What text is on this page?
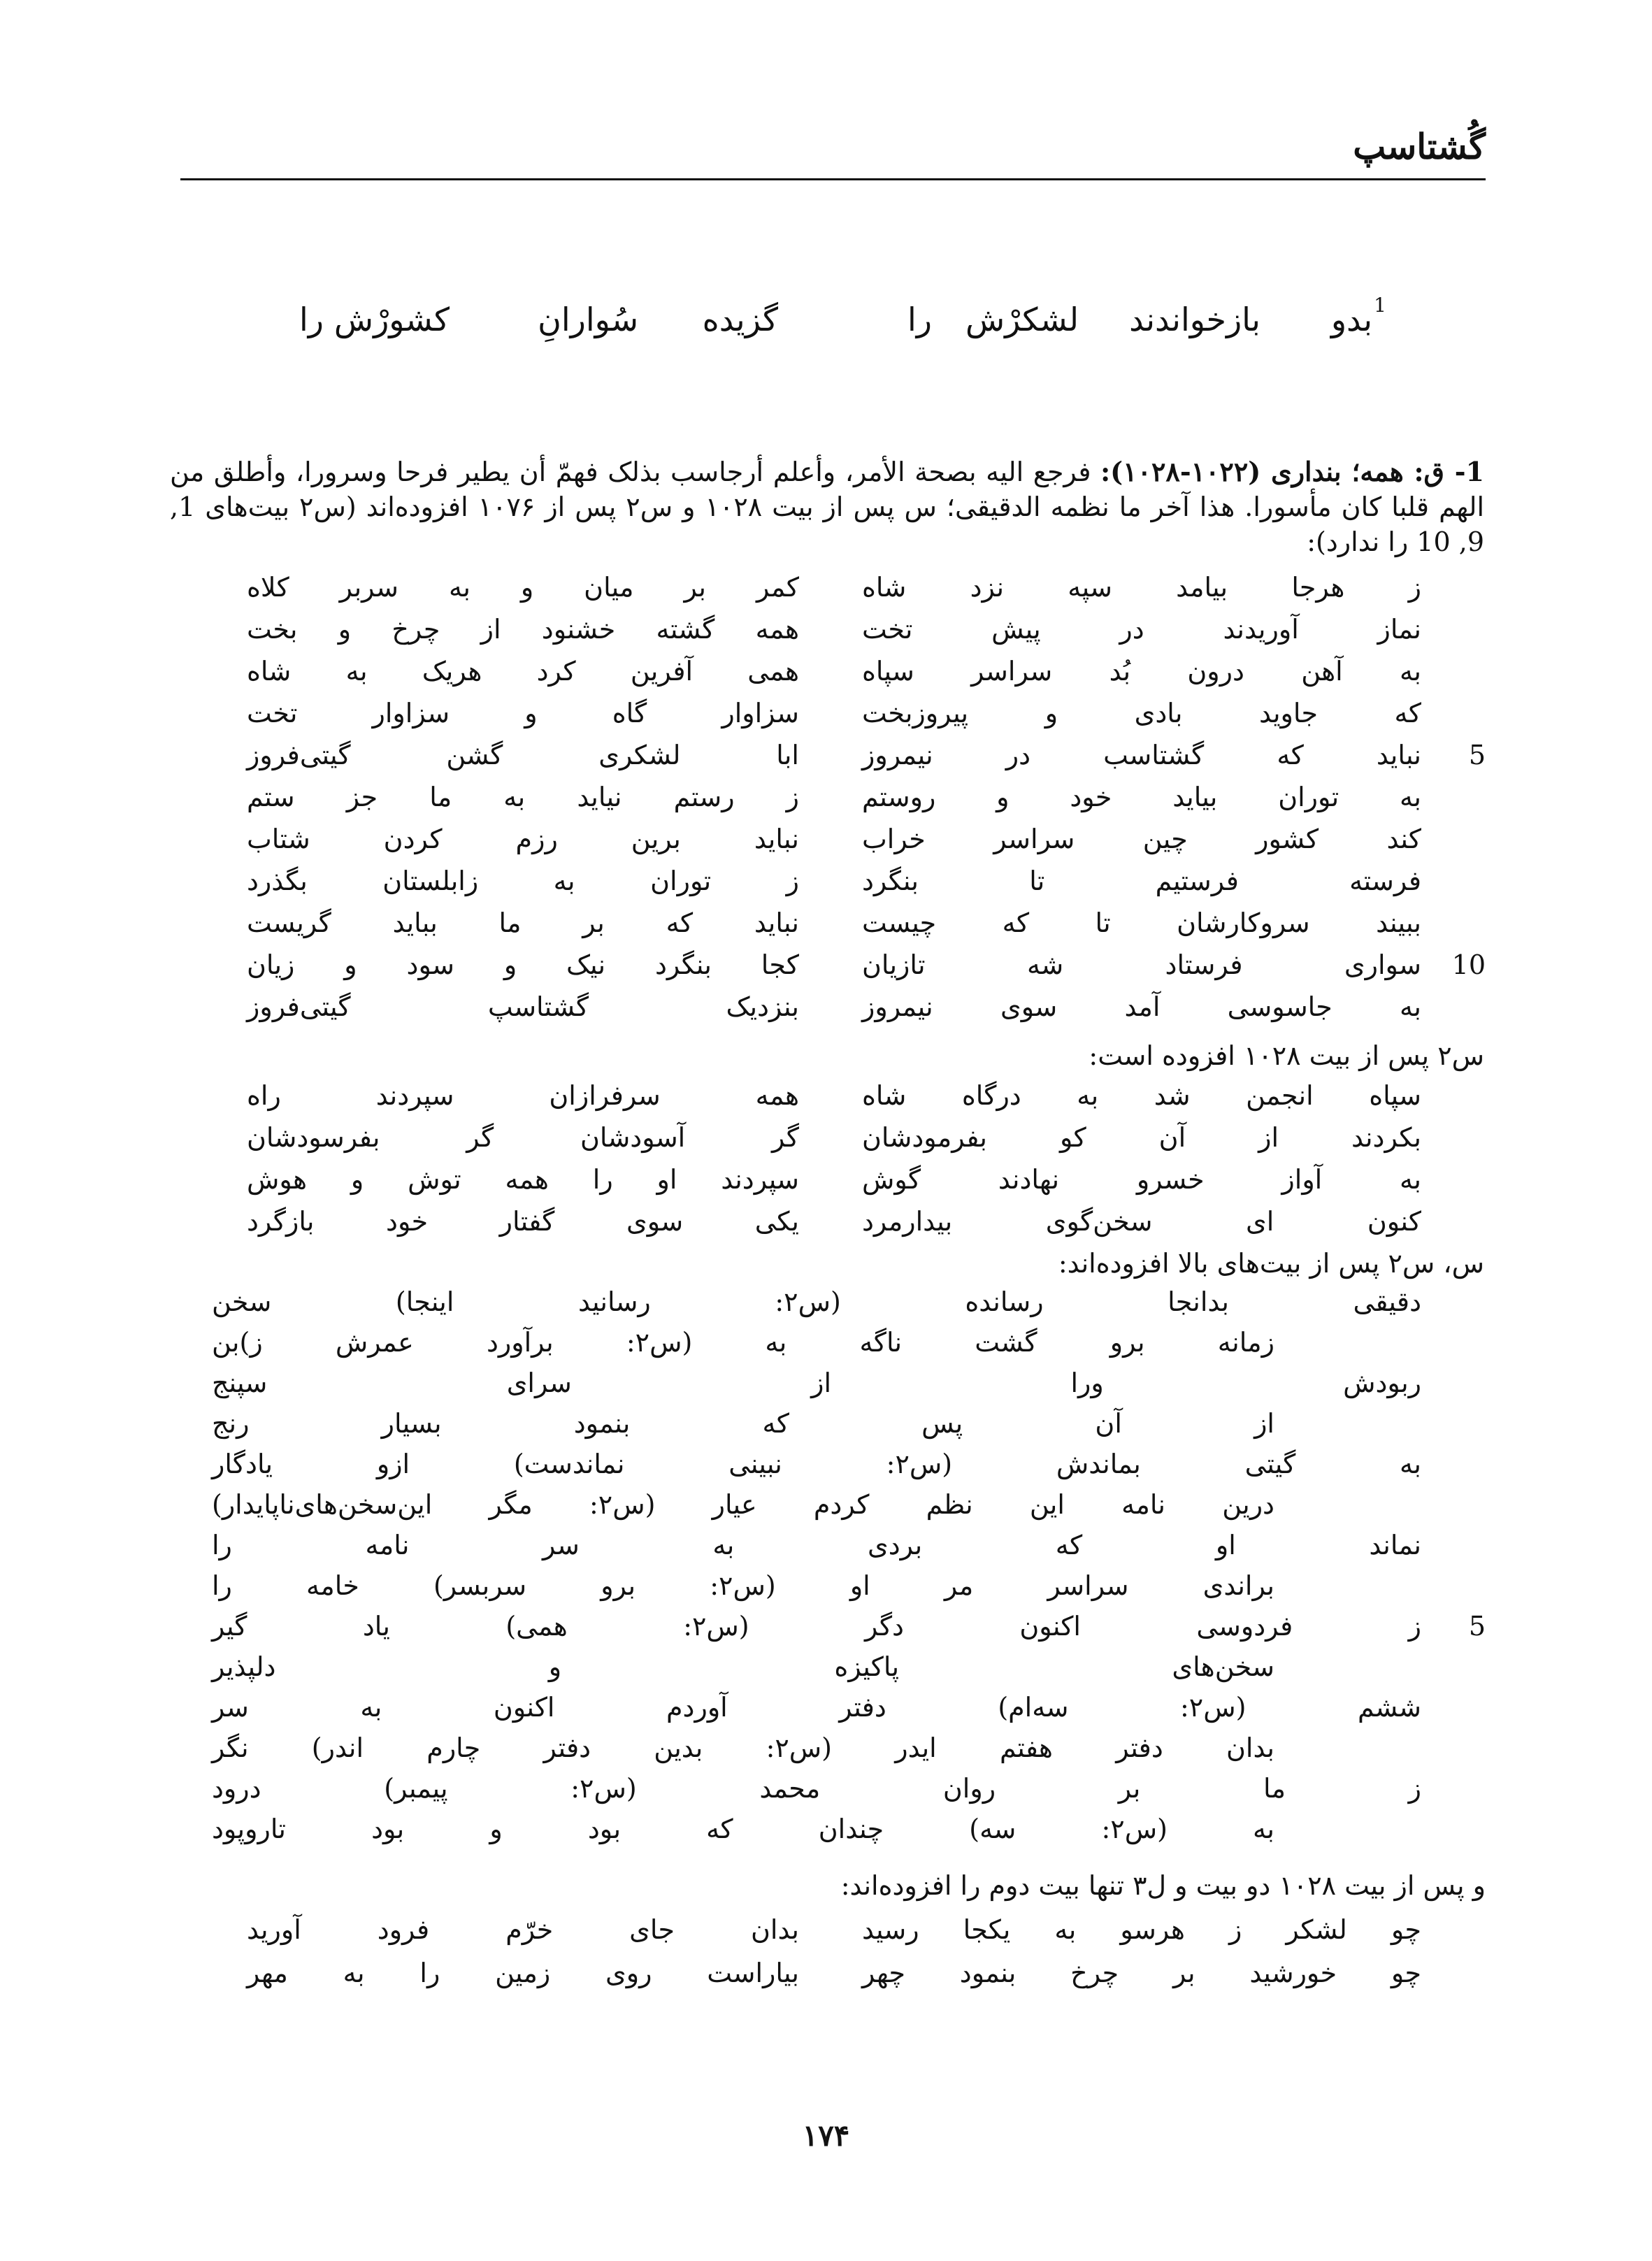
گُشتاسپ
بدو 1
بازخواندند
لشکرْش
را
گزیده
سُوارانِ
کشورْش
را
1- ق: همه؛ بنداری (۱۰۲۲-۱۰۲۸): فرجع الیه بصحة الأمر، وأعلم أرجاسب بذلک فهمّ أن یطیر فرحا وسرورا، وأطلق من الهم قلبا کان مأسورا. هذا آخر ما نظمه الدقیقی؛ س پس از بیت ۱۰۲۸ و س۲ پس از ۱۰۷۶ افزوده‌اند (س۲ بیت‌های 1, 9, 10 را ندارد):
ز هرجا بیامد سپه نزد شاه
کمر بر میان و به سربر کلاه
نماز آوریدند در پیش تخت
همه گشته خشنود از چرخ و بخت
به آهن درون بُد سراسر سپاه
همی آفرین کرد هریک به شاه
که جاوید بادی و پیروزبخت
سزاوار گاه و سزاوار تخت
5
نباید که گشتاسب در نیمروز
ابا لشکری گشن گیتی‌فروز
به توران بیاید خود و روستم
ز رستم نیاید به ما جز ستم
کند کشور چین سراسر خراب
نباید برین رزم کردن شتاب
فرسته فرستیم تا بنگرد
ز توران به زابلستان بگذرد
ببیند سروکارشان تا که چیست
نباید که بر ما بباید گریست
10
سواری فرستاد شه تازیان
کجا بنگرد نیک و سود و زیان
به جاسوسی آمد سوی نیمروز
بنزدیک گشتاسپ گیتی‌فروز
س۲ پس از بیت ۱۰۲۸ افزوده است:
سپاه انجمن شد به درگاه شاه
همه سرفرازان سپردند راه
بکردند از آن کو بفرمودشان
گر آسودشان گر بفرسودشان
به آواز خسرو نهادند گوش
سپردند او را همه توش و هوش
کنون ای سخن‌گوی بیدارمرد
یکی سوی گفتار خود بازگرد
س، س۲ پس از بیت‌های بالا افزوده‌اند:
دقیقی بدانجا رسانده (س۲: رسانید اینجا) سخن
زمانه برو گشت ناگه به (س۲: برآورد عمرش ز)بن
ربودش ورا از سرای سپنج
از آن پس که بنمود بسیار رنج
به گیتی بماندش (س۲: نبینی نماندست) ازو یادگار
درین نامه این نظم کردم عیار (س۲: مگر این‌سخن‌های‌ناپایدار)
نماند او که بردی به سر نامه را
براندی سراسر مر او (س۲: برو سربسر) خامه را
5
ز فردوسی اکنون دگر (س۲: همی) یاد گیر
سخن‌های پاکیزه و دلپذیر
ششم (س۲: سه‌ام) دفتر آوردم اکنون به سر
بدان دفتر هفتم ایدر (س۲: بدین دفتر چارم اندر) نگر
ز ما بر روان محمد (س۲: پیمبر) درود
به (س۲: سه) چندان که بود و بود تاروپود
و پس از بیت ۱۰۲۸ دو بیت و ل۳ تنها بیت دوم را افزوده‌اند:
چو لشکر ز هرسو به یکجا رسید
بدان جای خرّم فرود آورید
چو خورشید بر چرخ بنمود چهر
بیاراست روی زمین را به مهر
۱۷۴
